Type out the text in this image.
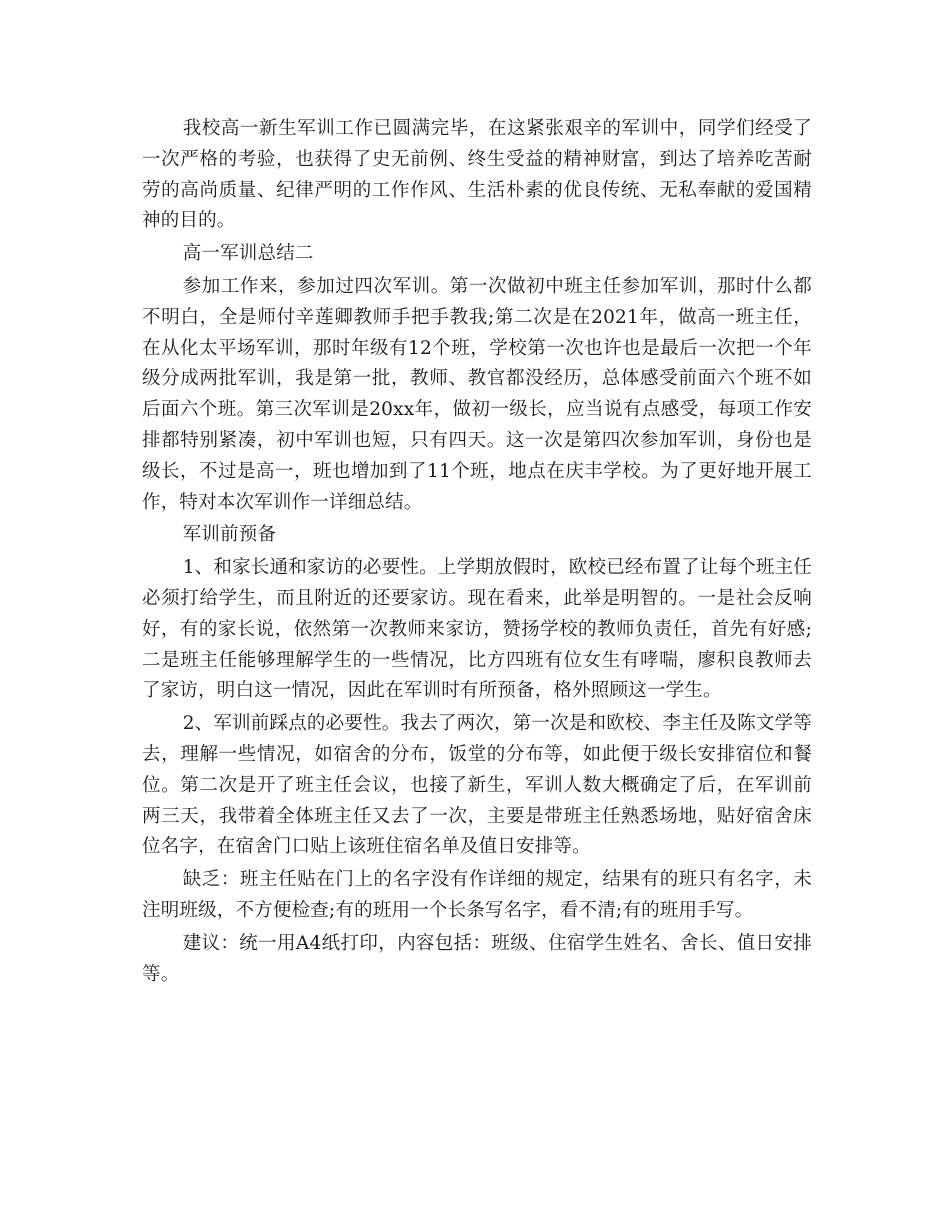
我校高一新生军训工作已圆满完毕，在这紧张艰辛的军训中，同学们经受了一次严格的考验，也获得了史无前例、终生受益的精神财富，到达了培养吃苦耐劳的高尚质量、纪律严明的工作作风、生活朴素的优良传统、无私奉献的爱国精神的目的。

高一军训总结二

参加工作来，参加过四次军训。第一次做初中班主任参加军训，那时什么都不明白，全是师付辛莲卿教师手把手教我;第二次是在2021年，做高一班主任，在从化太平场军训，那时年级有12个班，学校第一次也许也是最后一次把一个年级分成两批军训，我是第一批，教师、教官都没经历，总体感受前面六个班不如后面六个班。第三次军训是20xx年，做初一级长，应当说有点感受，每项工作安排都特别紧凑，初中军训也短，只有四天。这一次是第四次参加军训，身份也是级长，不过是高一，班也增加到了11个班，地点在庆丰学校。为了更好地开展工作，特对本次军训作一详细总结。

军训前预备

1、和家长通和家访的必要性。上学期放假时，欧校已经布置了让每个班主任必须打给学生，而且附近的还要家访。现在看来，此举是明智的。一是社会反响好，有的家长说，依然第一次教师来家访，赞扬学校的教师负责任，首先有好感;二是班主任能够理解学生的一些情况，比方四班有位女生有哮喘，廖积良教师去了家访，明白这一情况，因此在军训时有所预备，格外照顾这一学生。

2、军训前踩点的必要性。我去了两次，第一次是和欧校、李主任及陈文学等去，理解一些情况，如宿舍的分布，饭堂的分布等，如此便于级长安排宿位和餐位。第二次是开了班主任会议，也接了新生，军训人数大概确定了后，在军训前两三天，我带着全体班主任又去了一次，主要是带班主任熟悉场地，贴好宿舍床位名字，在宿舍门口贴上该班住宿名单及值日安排等。

缺乏：班主任贴在门上的名字没有作详细的规定，结果有的班只有名字，未注明班级，不方便检查;有的班用一个长条写名字，看不清;有的班用手写。

建议：统一用A4纸打印，内容包括：班级、住宿学生姓名、舍长、值日安排等。
